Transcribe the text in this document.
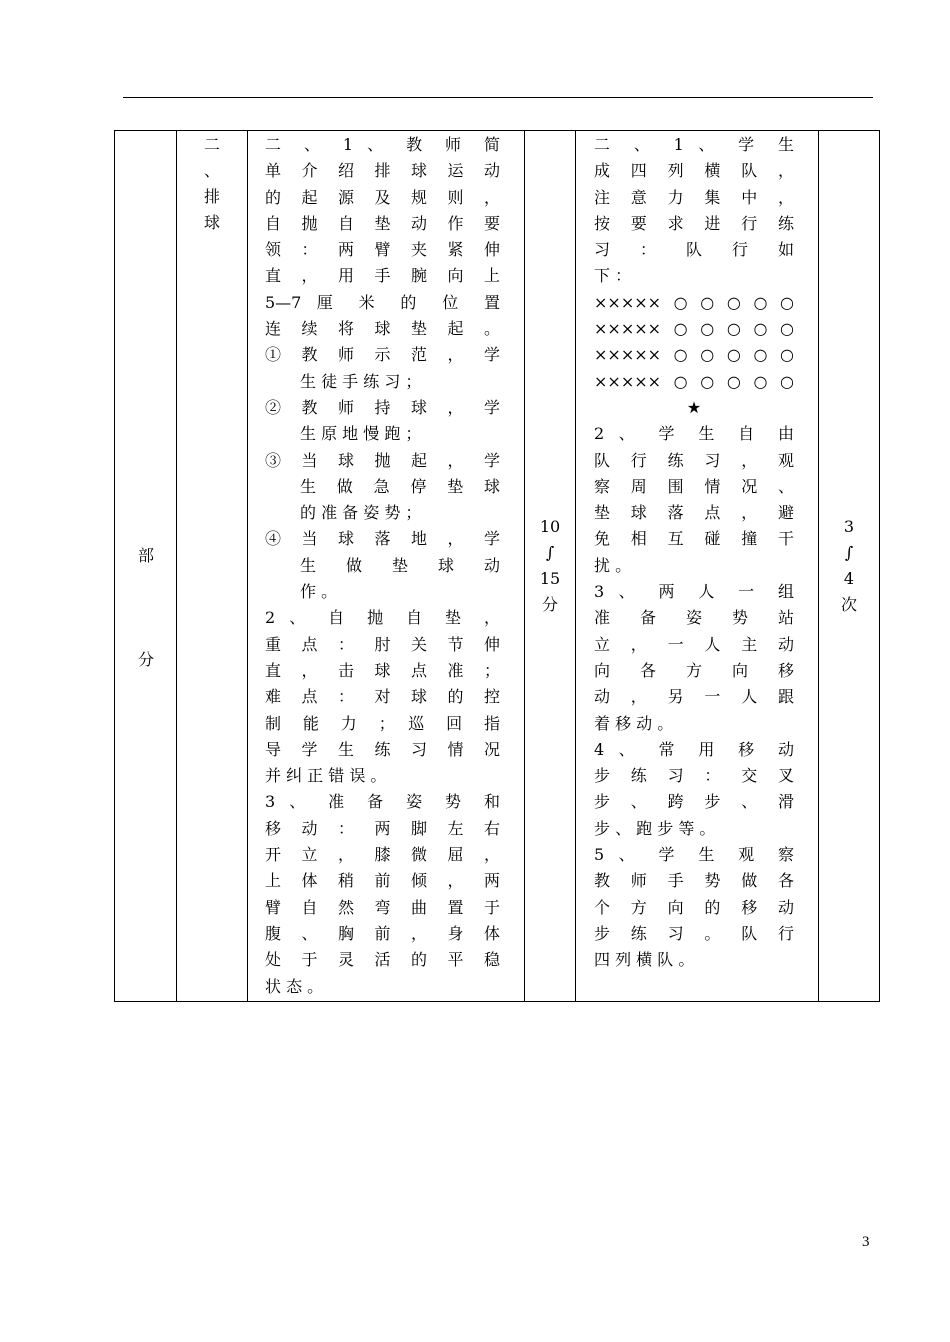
部
分

二
、
排
球

二 、 1 、 教 师 简
单 介 绍 排 球 运 动
的 起 源 及 规 则 ，
自 抛 自 垫 动 作 要
领 ： 两 臂 夹 紧 伸
直 ， 用 手 腕 向 上
5—7 厘 米 的 位 置
连 续 将 球 垫 起 。
① 教 师 示 范 ， 学
生 徒 手 练 习 ；
② 教 师 持 球 ， 学
生 原 地 慢 跑 ；
③ 当 球 抛 起 ， 学
生 做 急 停 垫 球
的 准 备 姿 势 ；
④ 当 球 落 地 ， 学
生 做 垫 球 动
作 。
2 、 自 抛 自 垫 ，
重 点 ： 肘 关 节 伸
直 ， 击 球 点 准 ；
难 点 ： 对 球 的 控
制 能 力 ； 巡 回 指
导 学 生 练 习 情 况
并 纠 正 错 误 。
3 、 准 备 姿 势 和
移 动 ： 两 脚 左 右
开 立 ， 膝 微 屈 ，
上 体 稍 前 倾 ， 两
臂 自 然 弯 曲 置 于
腹 、 胸 前 ， 身 体
处 于 灵 活 的 平 稳
状 态 。

10
∫
15
分

二 、 1 、 学 生
成 四 列 横 队 ，
注 意 力 集 中 ，
按 要 求 进 行 练
习 ： 队 行 如
下 ：
×××××○○○○○
×××××○○○○○
×××××○○○○○
×××××○○○○○
★
2 、 学 生 自 由
队 行 练 习 ， 观
察 周 围 情 况 、
垫 球 落 点 ， 避
免 相 互 碰 撞 干
扰 。
3 、 两 人 一 组
准 备 姿 势 站
立 ， 一 人 主 动
向 各 方 向 移
动 ， 另 一 人 跟
着 移 动 。
4 、 常 用 移 动
步 练 习 ： 交 叉
步 、 跨 步 、 滑
步 、 跑 步 等 。
5 、 学 生 观 察
教 师 手 势 做 各
个 方 向 的 移 动
步 练 习 。 队 行
四 列 横 队 。

3
∫
4
次
3
